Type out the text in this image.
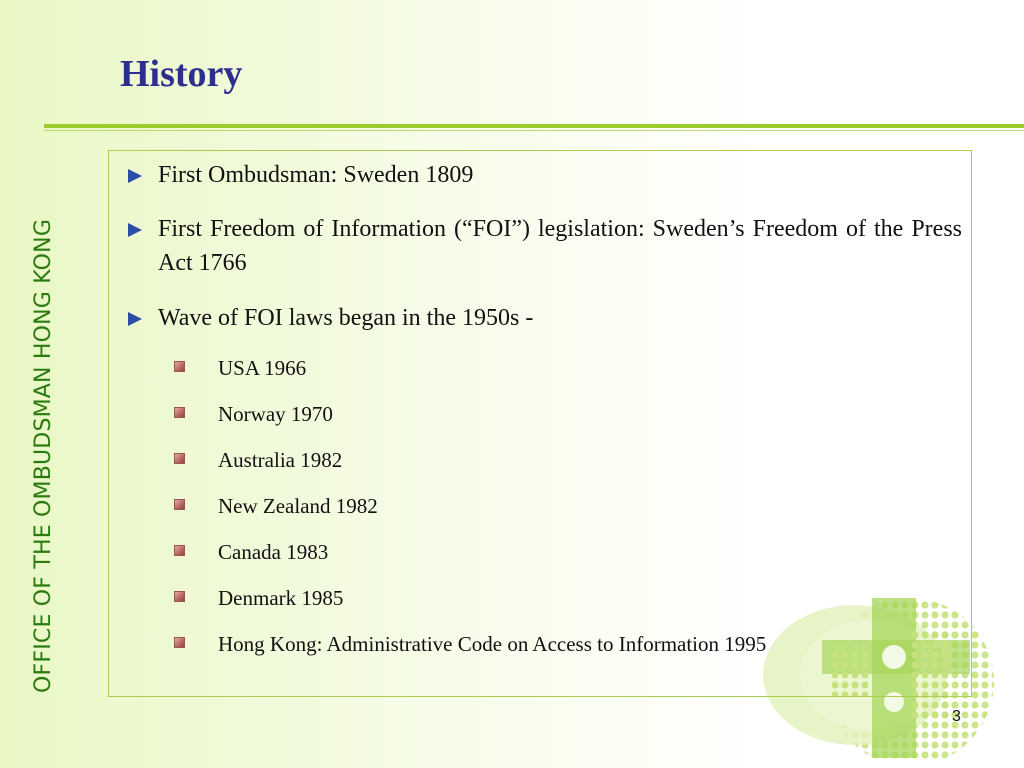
History
OFFICE OF THE OMBUDSMAN HONG KONG
First Ombudsman: Sweden 1809
First Freedom of Information (“FOI”) legislation: Sweden’s Freedom of the Press Act 1766
Wave of FOI laws began in the 1950s -
USA 1966
Norway 1970
Australia 1982
New Zealand 1982
Canada 1983
Denmark 1985
Hong Kong: Administrative Code on Access to Information 1995
3
